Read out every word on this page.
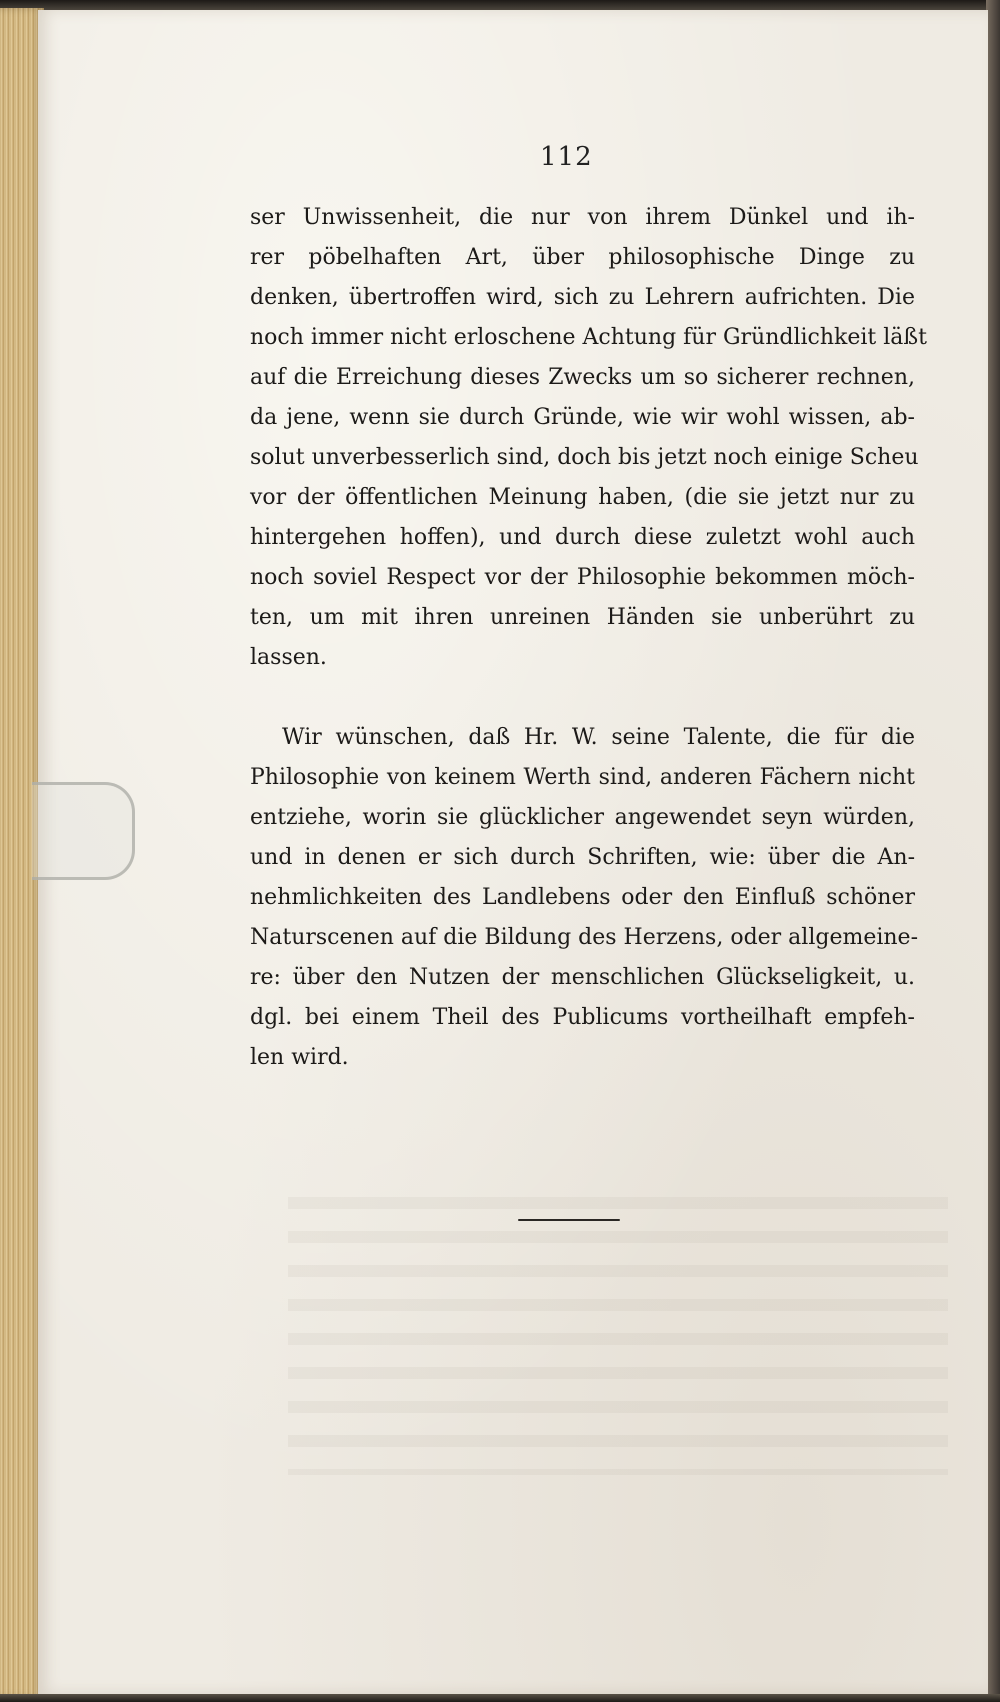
112

ser Unwissenheit, die nur von ihrem Dünkel und ih-
rer pöbelhaften Art, über philosophische Dinge zu
denken, übertroffen wird, sich zu Lehrern aufrichten. Die
noch immer nicht erloschene Achtung für Gründlichkeit läßt
auf die Erreichung dieses Zwecks um so sicherer rechnen,
da jene, wenn sie durch Gründe, wie wir wohl wissen, ab-
solut unverbesserlich sind, doch bis jetzt noch einige Scheu
vor der öffentlichen Meinung haben, (die sie jetzt nur zu
hintergehen hoffen), und durch diese zuletzt wohl auch
noch soviel Respect vor der Philosophie bekommen möch-
ten, um mit ihren unreinen Händen sie unberührt zu
lassen.
Wir wünschen, daß Hr. W. seine Talente, die für die
Philosophie von keinem Werth sind, anderen Fächern nicht
entziehe, worin sie glücklicher angewendet seyn würden,
und in denen er sich durch Schriften, wie: über die An-
nehmlichkeiten des Landlebens oder den Einfluß schöner
Naturscenen auf die Bildung des Herzens, oder allgemeine-
re: über den Nutzen der menschlichen Glückseligkeit, u.
dgl. bei einem Theil des Publicums vortheilhaft empfeh-
len wird.
